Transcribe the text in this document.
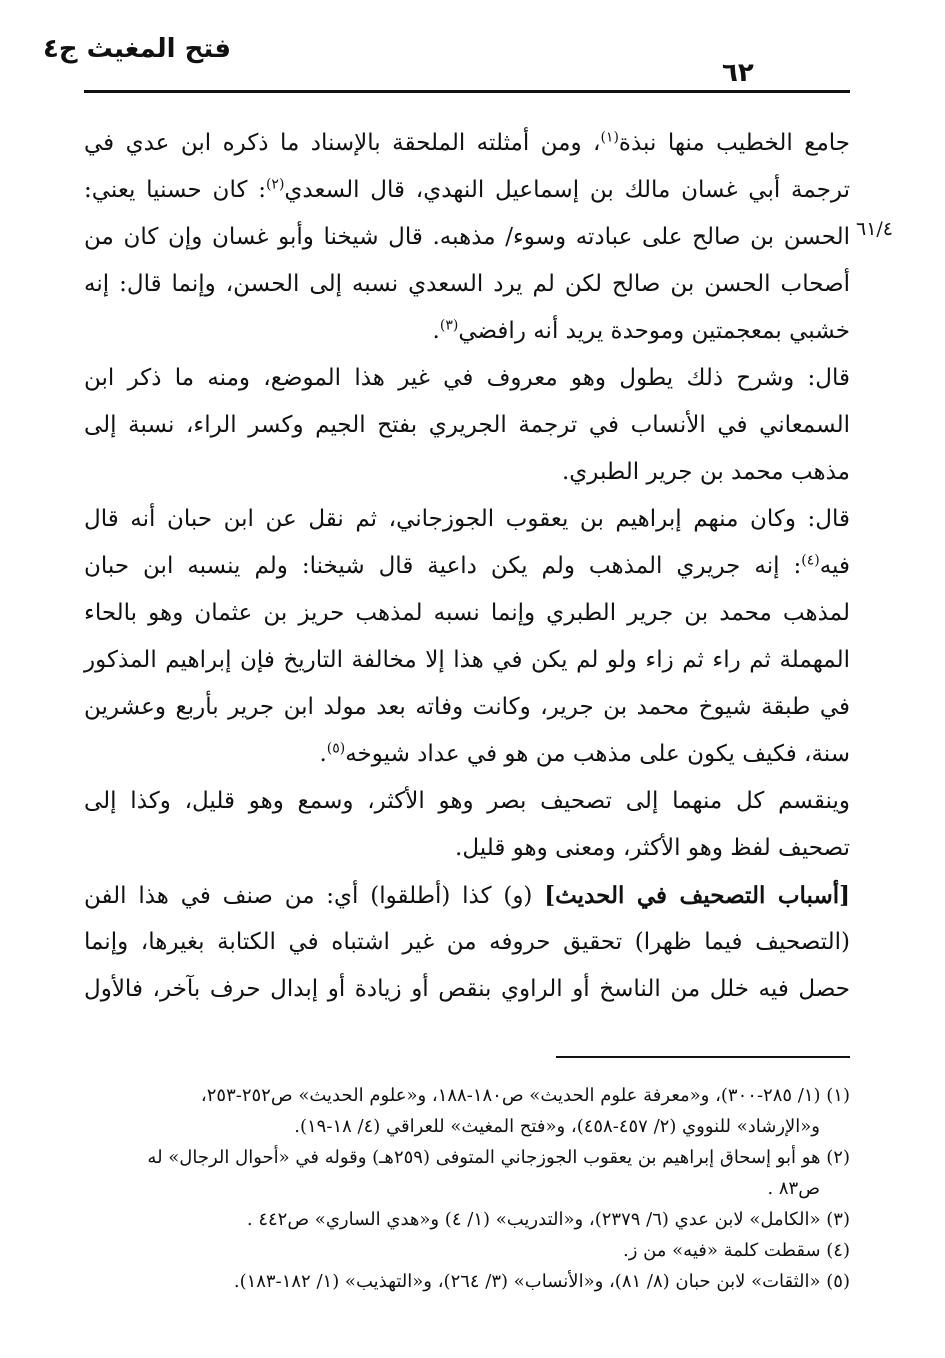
فتح المغيث ج٤
٦٢
٦١/٤
جامع الخطيب منها نبذة$^{(١)}$، ومن أمثلته الملحقة بالإسناد ما ذكره ابن عدي في
ترجمة أبي غسان مالك بن إسماعيل النهدي، قال السعدي$^{(٢)}$: كان حسنيا يعني:
الحسن بن صالح على عبادته وسوء/ مذهبه. قال شيخنا وأبو غسان وإن كان من
أصحاب الحسن بن صالح لكن لم يرد السعدي نسبه إلى الحسن، وإنما قال: إنه
خشبي بمعجمتين وموحدة يريد أنه رافضي$^{(٣)}$.
قال: وشرح ذلك يطول وهو معروف في غير هذا الموضع، ومنه ما ذكر ابن
السمعاني في الأنساب في ترجمة الجريري بفتح الجيم وكسر الراء، نسبة إلى
مذهب محمد بن جرير الطبري.
قال: وكان منهم إبراهيم بن يعقوب الجوزجاني، ثم نقل عن ابن حبان أنه قال
فيه$^{(٤)}$: إنه جريري المذهب ولم يكن داعية قال شيخنا: ولم ينسبه ابن حبان
لمذهب محمد بن جرير الطبري وإنما نسبه لمذهب حريز بن عثمان وهو بالحاء
المهملة ثم راء ثم زاء ولو لم يكن في هذا إلا مخالفة التاريخ فإن إبراهيم المذكور
في طبقة شيوخ محمد بن جرير، وكانت وفاته بعد مولد ابن جرير بأربع وعشرين
سنة، فكيف يكون على مذهب من هو في عداد شيوخه$^{(٥)}$.
وينقسم كل منهما إلى تصحيف بصر وهو الأكثر، وسمع وهو قليل، وكذا إلى
تصحيف لفظ وهو الأكثر، ومعنى وهو قليل.
[أسباب التصحيف في الحديث] (و) كذا (أطلقوا) أي: من صنف في هذا الفن
(التصحيف فيما ظهرا) تحقيق حروفه من غير اشتباه في الكتابة بغيرها، وإنما
حصل فيه خلل من الناسخ أو الراوي بنقص أو زيادة أو إبدال حرف بآخر، فالأول
(١) (١/ ٢٨٥-٣٠٠)، و«معرفة علوم الحديث» ص١٨٠-١٨٨، و«علوم الحديث» ص٢٥٢-٢٥٣،
و«الإرشاد» للنووي (٢/ ٤٥٧-٤٥٨)، و«فتح المغيث» للعراقي (٤/ ١٨-١٩).
(٢) هو أبو إسحاق إبراهيم بن يعقوب الجوزجاني المتوفى (٢٥٩هـ) وقوله في «أحوال الرجال» له
ص٨٣ .
(٣) «الكامل» لابن عدي (٦/ ٢٣٧٩)، و«التدريب» (١/ ٤) و«هدي الساري» ص٤٤٢ .
(٤) سقطت كلمة «فيه» من ز.
(٥) «الثقات» لابن حبان (٨/ ٨١)، و«الأنساب» (٣/ ٢٦٤)، و«التهذيب» (١/ ١٨٢-١٨٣).
